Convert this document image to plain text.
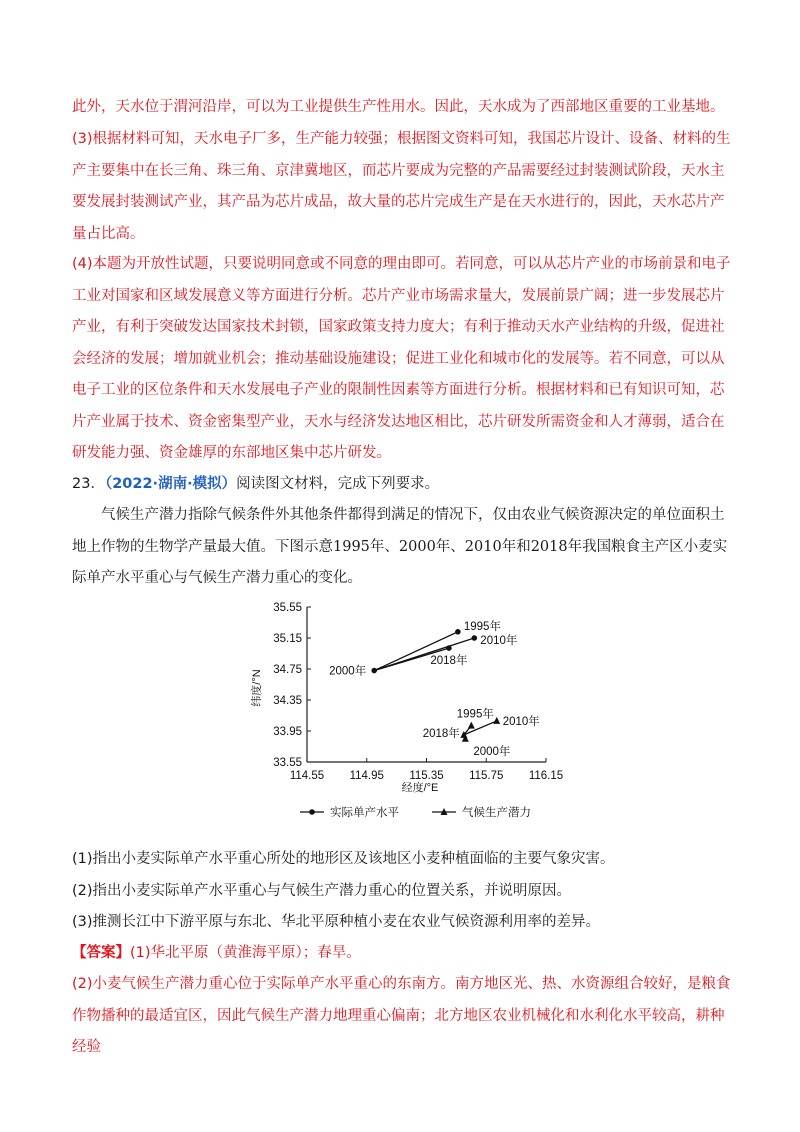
此外，天水位于渭河沿岸，可以为工业提供生产性用水。因此，天水成为了西部地区重要的工业基地。

(3)根据材料可知，天水电子厂多，生产能力较强；根据图文资料可知，我国芯片设计、设备、材料的生产主要集中在长三角、珠三角、京津冀地区，而芯片要成为完整的产品需要经过封装测试阶段，天水主要发展封装测试产业，其产品为芯片成品，故大量的芯片完成生产是在天水进行的，因此，天水芯片产量占比高。

(4)本题为开放性试题，只要说明同意或不同意的理由即可。若同意，可以从芯片产业的市场前景和电子工业对国家和区域发展意义等方面进行分析。芯片产业市场需求量大，发展前景广阔；进一步发展芯片产业，有利于突破发达国家技术封锁，国家政策支持力度大；有利于推动天水产业结构的升级，促进社会经济的发展；增加就业机会；推动基础设施建设；促进工业化和城市化的发展等。若不同意，可以从电子工业的区位条件和天水发展电子产业的限制性因素等方面进行分析。根据材料和已有知识可知，芯片产业属于技术、资金密集型产业，天水与经济发达地区相比，芯片研发所需资金和人才薄弱，适合在研发能力强、资金雄厚的东部地区集中芯片研发。

23．（2022·湖南·模拟）阅读图文材料，完成下列要求。

气候生产潜力指除气候条件外其他条件都得到满足的情况下，仅由农业气候资源决定的单位面积土地上作物的生物学产量最大值。下图示意1995年、2000年、2010年和2018年我国粮食主产区小麦实际单产水平重心与气候生产潜力重心的变化。

35.55
35.15
34.75
34.35
33.95
33.55
114.55 114.95 115.35 115.75 116.15
2000年
1995年
2018年
2010年
2018年
1995年
2000年
2010年
纬度/°N
经度/°E
实际单产水平	气候生产潜力

(1)指出小麦实际单产水平重心所处的地形区及该地区小麦种植面临的主要气象灾害。

(2)指出小麦实际单产水平重心与气候生产潜力重心的位置关系，并说明原因。

(3)推测长江中下游平原与东北、华北平原种植小麦在农业气候资源利用率的差异。

【答案】(1)华北平原（黄淮海平原）；春旱。

(2)小麦气候生产潜力重心位于实际单产水平重心的东南方。南方地区光、热、水资源组合较好，是粮食作物播种的最适宜区，因此气候生产潜力地理重心偏南；北方地区农业机械化和水利化水平较高，耕种经验
